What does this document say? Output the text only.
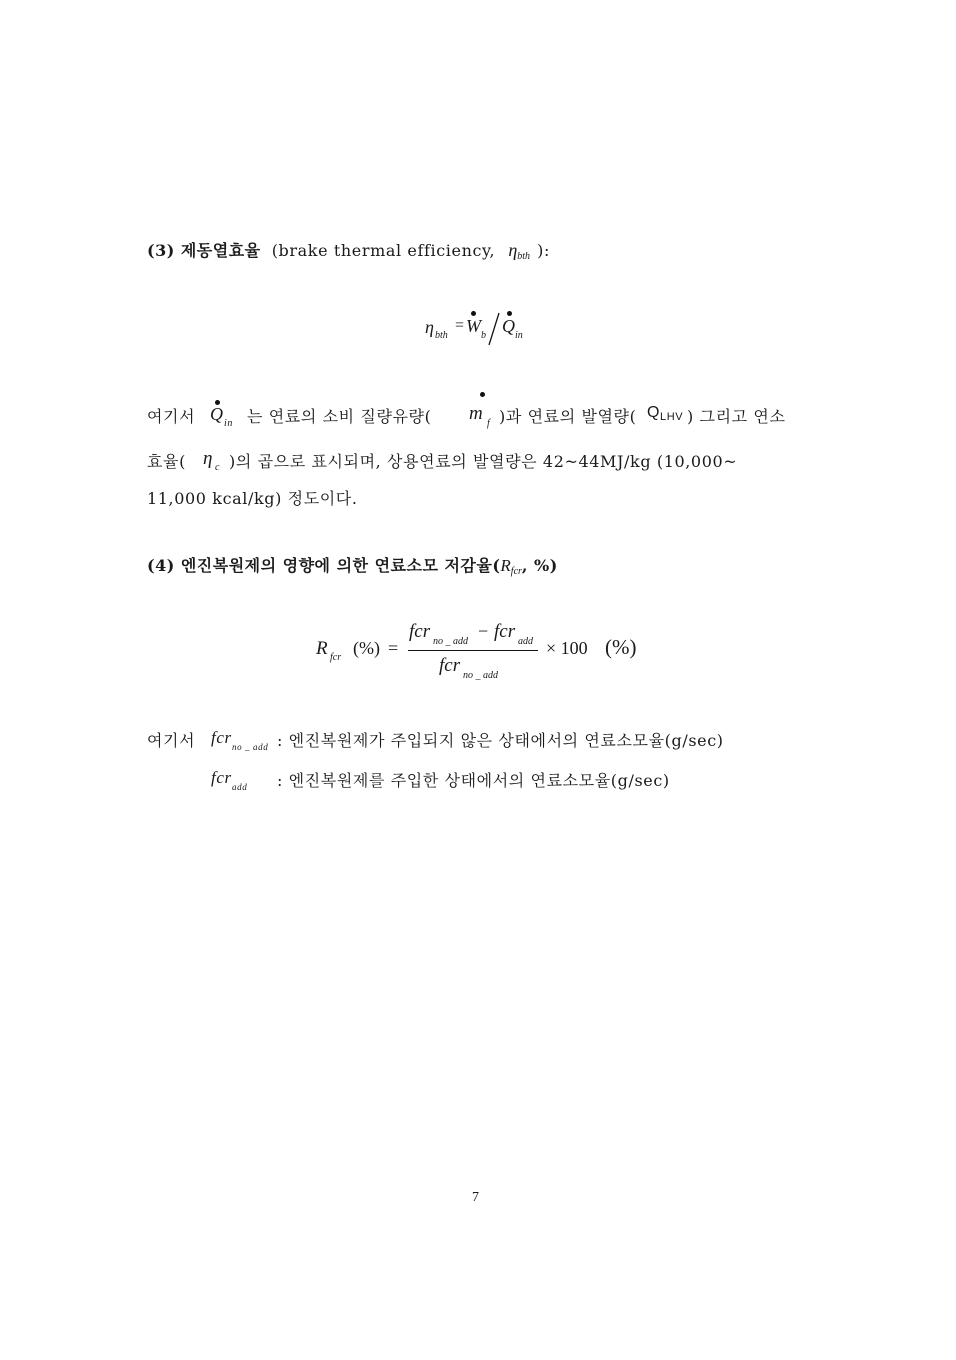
(3) 제동열효율 (brake thermal efficiency, $\eta_{bth}$ ):
η bth
= W b Q in
여기서 Q in 는 연료의 소비 질량유량( m f )과 연료의 발열량( Q LHV ) 그리고 연소
효율( η c )의 곱으로 표시되며, 상용연료의 발열량은 42~44MJ/kg (10,000~
11,000 kcal/kg) 정도이다.
(4) 엔진복원제의 영향에 의한 연료소모 저감율($R_{fcr}$, %)
R fcr (%) =
fcr no _ add
− fcr add
fcr no _ add
× 100 (%)
여기서 fcr no _ add : 엔진복원제가 주입되지 않은 상태에서의 연료소모율(g/sec)
fcr add : 엔진복원제를 주입한 상태에서의 연료소모율(g/sec)
7
